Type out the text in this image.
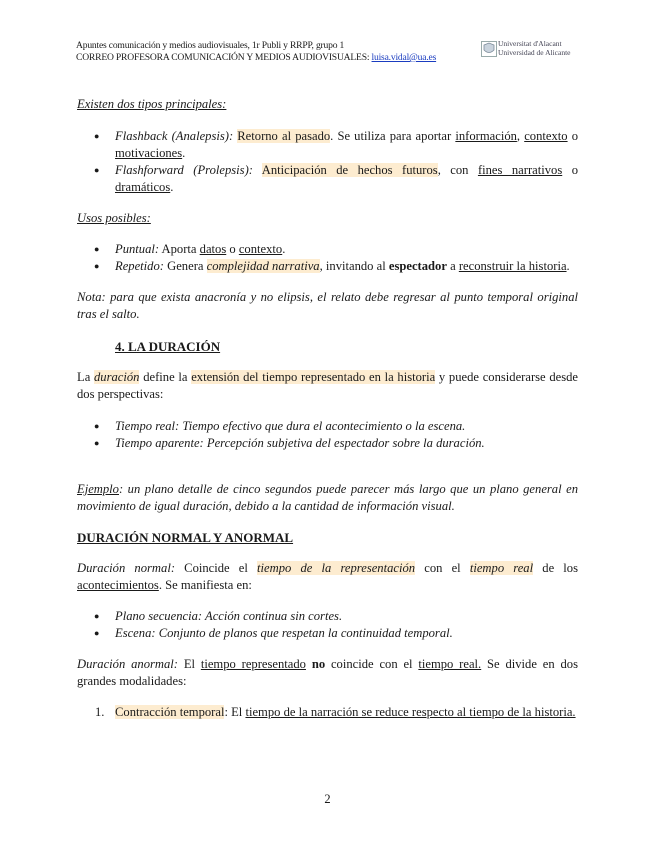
Apuntes comunicación y medios audiovisuales, 1r Publi y RRPP, grupo 1
CORREO PROFESORA COMUNICACIÓN Y MEDIOS AUDIOVISUALES: luisa.vidal@ua.es
Universitat d'Alacant
Universidad de Alicante

Existen dos tipos principales:

● Flashback (Analepsis): Retorno al pasado. Se utiliza para aportar información, contexto o motivaciones.
● Flashforward (Prolepsis): Anticipación de hechos futuros, con fines narrativos o dramáticos.

Usos posibles:

● Puntual: Aporta datos o contexto.
● Repetido: Genera complejidad narrativa, invitando al espectador a reconstruir la historia.

Nota: para que exista anacronía y no elipsis, el relato debe regresar al punto temporal original tras el salto.

4. LA DURACIÓN

La duración define la extensión del tiempo representado en la historia y puede considerarse desde dos perspectivas:

● Tiempo real: Tiempo efectivo que dura el acontecimiento o la escena.
● Tiempo aparente: Percepción subjetiva del espectador sobre la duración.

Ejemplo: un plano detalle de cinco segundos puede parecer más largo que un plano general en movimiento de igual duración, debido a la cantidad de información visual.

DURACIÓN NORMAL Y ANORMAL

Duración normal: Coincide el tiempo de la representación con el tiempo real de los acontecimientos. Se manifiesta en:

● Plano secuencia: Acción continua sin cortes.
● Escena: Conjunto de planos que respetan la continuidad temporal.

Duración anormal: El tiempo representado no coincide con el tiempo real. Se divide en dos grandes modalidades:

1. Contracción temporal: El tiempo de la narración se reduce respecto al tiempo de la historia.
2
